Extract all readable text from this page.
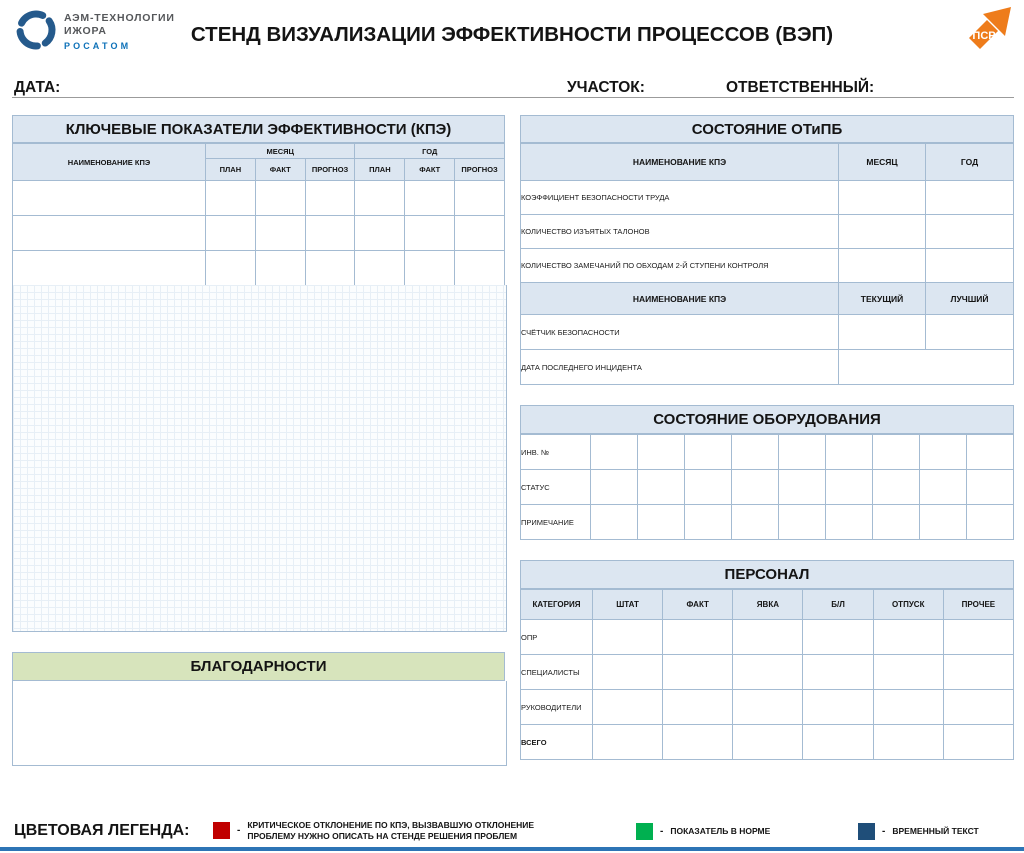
АЭМ-ТЕХНОЛОГИИ
ИЖОРА
РОСАТОМ	СТЕНД ВИЗУАЛИЗАЦИИ ЭФФЕКТИВНОСТИ ПРОЦЕССОВ (ВЭП)	ПСР
ДАТА:	УЧАСТОК:	ОТВЕТСТВЕННЫЙ:
КЛЮЧЕВЫЕ ПОКАЗАТЕЛИ ЭФФЕКТИВНОСТИ (КПЭ)
НАИМЕНОВАНИЕ КПЭ	МЕСЯЦ			ГОД		
	ПЛАН	ФАКТ	ПРОГНОЗ	ПЛАН	ФАКТ	ПРОГНОЗ

БЛАГОДАРНОСТИ
СОСТОЯНИЕ ОТиПБ
НАИМЕНОВАНИЕ КПЭ	МЕСЯЦ	ГОД
КОЭФФИЦИЕНТ БЕЗОПАСНОСТИ ТРУДА		
КОЛИЧЕСТВО ИЗЪЯТЫХ ТАЛОНОВ		
КОЛИЧЕСТВО ЗАМЕЧАНИЙ ПО ОБХОДАМ 2-Й СТУПЕНИ КОНТРОЛЯ		
НАИМЕНОВАНИЕ КПЭ	ТЕКУЩИЙ	ЛУЧШИЙ
СЧЁТЧИК БЕЗОПАСНОСТИ		
ДАТА ПОСЛЕДНЕГО ИНЦИДЕНТА		
СОСТОЯНИЕ ОБОРУДОВАНИЯ
ИНВ. №									
СТАТУС									
ПРИМЕЧАНИЕ									
ПЕРСОНАЛ
КАТЕГОРИЯ	ШТАТ	ФАКТ	ЯВКА	Б/Л	ОТПУСК	ПРОЧЕЕ
ОПР						
СПЕЦИАЛИСТЫ						
РУКОВОДИТЕЛИ						
ВСЕГО						
ЦВЕТОВАЯ ЛЕГЕНДА:	- КРИТИЧЕСКОЕ ОТКЛОНЕНИЕ ПО КПЭ, ВЫЗВАВШУЮ ОТКЛОНЕНИЕ
ПРОБЛЕМУ НУЖНО ОПИСАТЬ НА СТЕНДЕ РЕШЕНИЯ ПРОБЛЕМ	- ПОКАЗАТЕЛЬ В НОРМЕ	- ВРЕМЕННЫЙ ТЕКСТ
